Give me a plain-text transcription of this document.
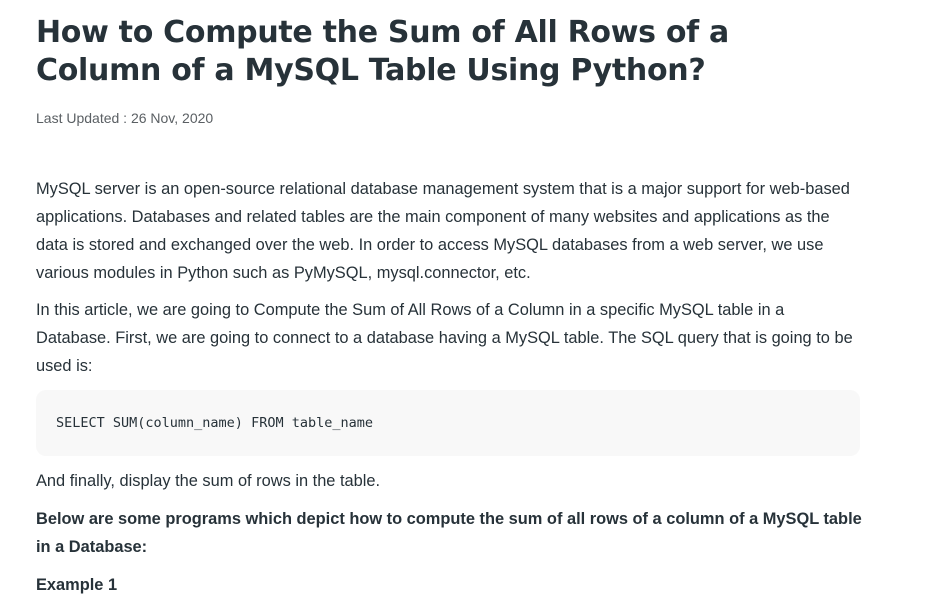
How to Compute the Sum of All Rows of a Column of a MySQL Table Using Python?
Last Updated : 26 Nov, 2020

MySQL server is an open-source relational database management system that is a major support for web-based applications. Databases and related tables are the main component of many websites and applications as the data is stored and exchanged over the web. In order to access MySQL databases from a web server, we use various modules in Python such as PyMySQL, mysql.connector, etc.

In this article, we are going to Compute the Sum of All Rows of a Column in a specific MySQL table in a Database. First, we are going to connect to a database having a MySQL table. The SQL query that is going to be used is:

SELECT SUM(column_name) FROM table_name

And finally, display the sum of rows in the table.

Below are some programs which depict how to compute the sum of all rows of a column of a MySQL table in a Database:

Example 1
